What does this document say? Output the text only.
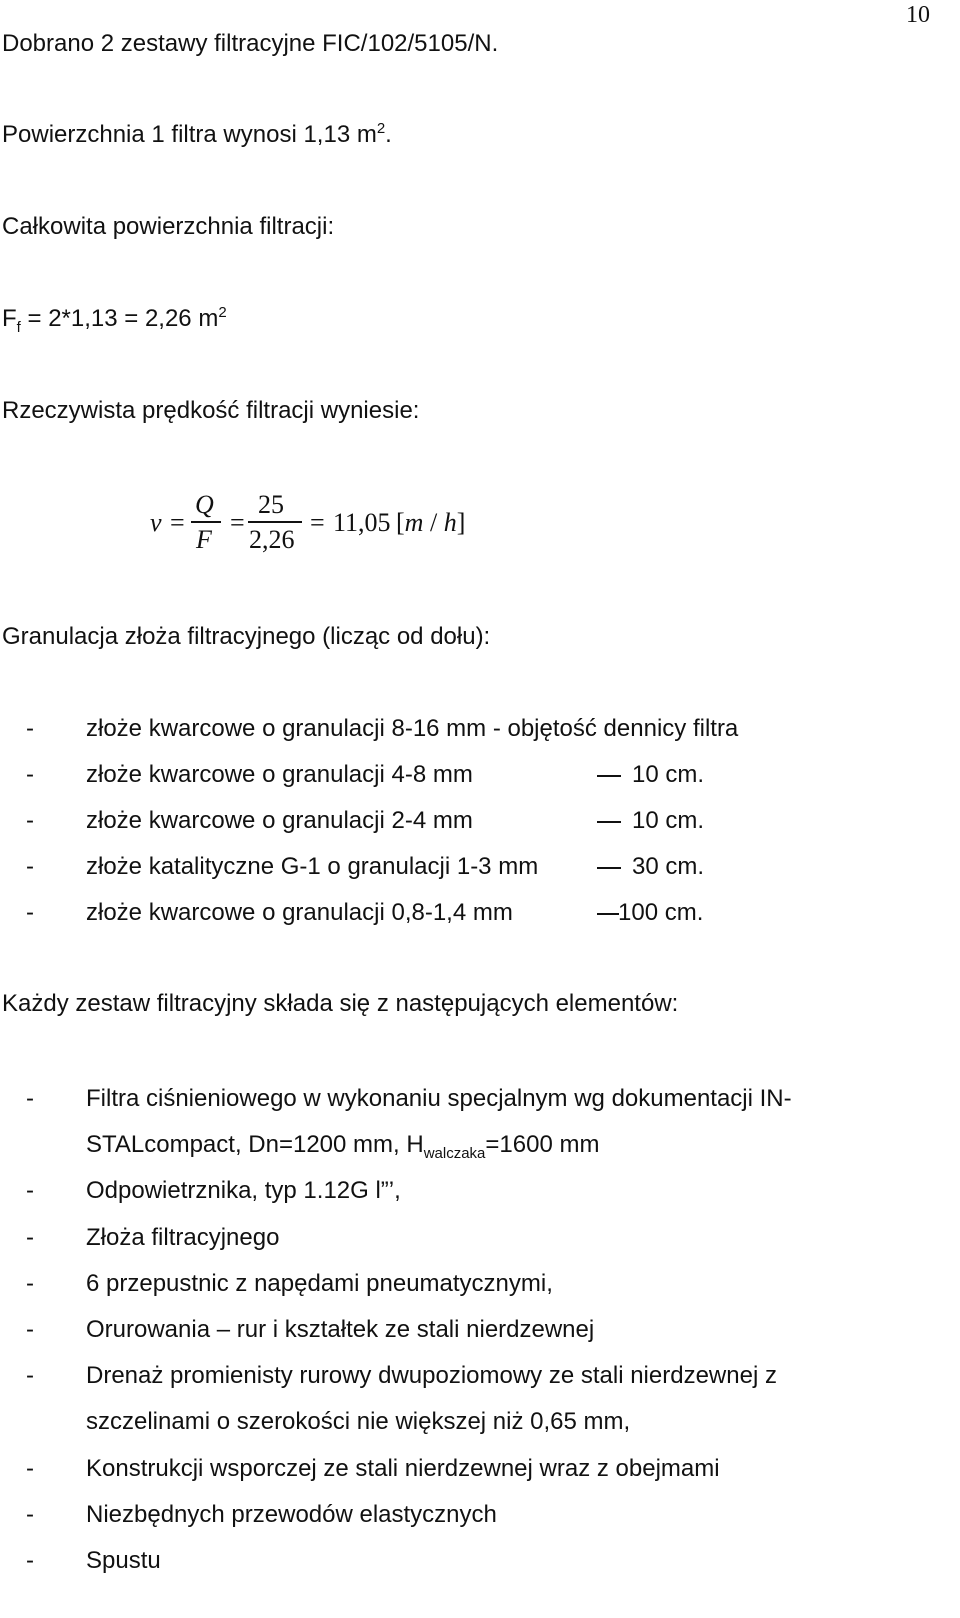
10
Dobrano 2 zestawy filtracyjne FIC/102/5105/N.
Powierzchnia 1 filtra wynosi 1,13 $m^2$.
Całkowita powierzchnia filtracji:
$F_f = 2*1,13 = 2,26$ $m^2$
Rzeczywista prędkość filtracji wyniesie:
v =
Q
F
=
25
2,26
= 11,05 [m / h]
Granulacja złoża filtracyjnego (licząc od dołu):
- złoże kwarcowe o granulacji 8-16 mm - objętość dennicy filtra
- złoże kwarcowe o granulacji 4-8 mm
- złoże kwarcowe o granulacji 2-4 mm
- złoże katalityczne G-1 o granulacji 1-3 mm
- złoże kwarcowe o granulacji 0,8-1,4 mm
10 cm.
10 cm.
30 cm.
100 cm.
Każdy zestaw filtracyjny składa się z następujących elementów:
- Filtra ciśnieniowego w wykonaniu specjalnym wg dokumentacji IN-
STALcompact, Dn=1200 mm, $H_{walczaka}=1600$ mm
- Odpowietrznika, typ 1.12G l”’,
- Złoża filtracyjnego
- 6 przepustnic z napędami pneumatycznymi,
- Orurowania – rur i kształtek ze stali nierdzewnej
- Drenaż promienisty rurowy dwupoziomowy ze stali nierdzewnej z
szczelinami o szerokości nie większej niż 0,65 mm,
- Konstrukcji wsporczej ze stali nierdzewnej wraz z obejmami
- Niezbędnych przewodów elastycznych
- Spustu
